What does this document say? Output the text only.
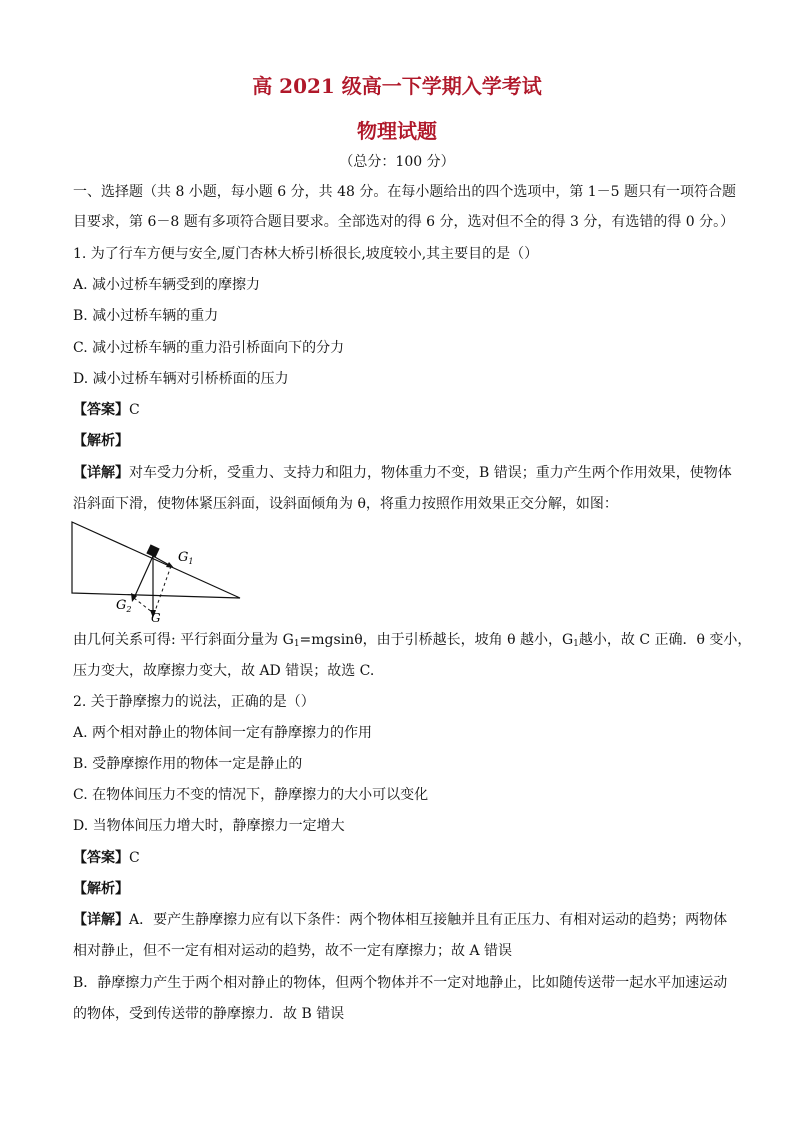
高 2021 级高一下学期入学考试
物理试题
（总分：100 分）
一、选择题（共 8 小题，每小题 6 分，共 48 分。在每小题给出的四个选项中，第 1－5 题只有一项符合题
目要求，第 6－8 题有多项符合题目要求。全部选对的得 6 分，选对但不全的得 3 分，有选错的得 0 分。）
1. 为了行车方便与安全,厦门杏林大桥引桥很长,坡度较小,其主要目的是（）
A. 减小过桥车辆受到的摩擦力
B. 减小过桥车辆的重力
C. 减小过桥车辆的重力沿引桥面向下的分力
D. 减小过桥车辆对引桥桥面的压力
【答案】C
【解析】
【详解】对车受力分析，受重力、支持力和阻力，物体重力不变，B 错误；重力产生两个作用效果，使物体
沿斜面下滑，使物体紧压斜面，设斜面倾角为 θ，将重力按照作用效果正交分解，如图：
$G_1$
$G_2$
G
由几何关系可得: 平行斜面分量为 $G_1=mgsin\theta$，由于引桥越长，坡角 θ 越小，$G_1$越小，故 C 正确．θ 变小，
压力变大，故摩擦力变大，故 AD 错误；故选 C.
2. 关于静摩擦力的说法，正确的是（）
A. 两个相对静止的物体间一定有静摩擦力的作用
B. 受静摩擦作用的物体一定是静止的
C. 在物体间压力不变的情况下，静摩擦力的大小可以变化
D. 当物体间压力增大时，静摩擦力一定增大
【答案】C
【解析】
【详解】A．要产生静摩擦力应有以下条件：两个物体相互接触并且有正压力、有相对运动的趋势；两物体
相对静止，但不一定有相对运动的趋势，故不一定有摩擦力；故 A 错误
B．静摩擦力产生于两个相对静止的物体，但两个物体并不一定对地静止，比如随传送带一起水平加速运动
的物体，受到传送带的静摩擦力．故 B 错误
